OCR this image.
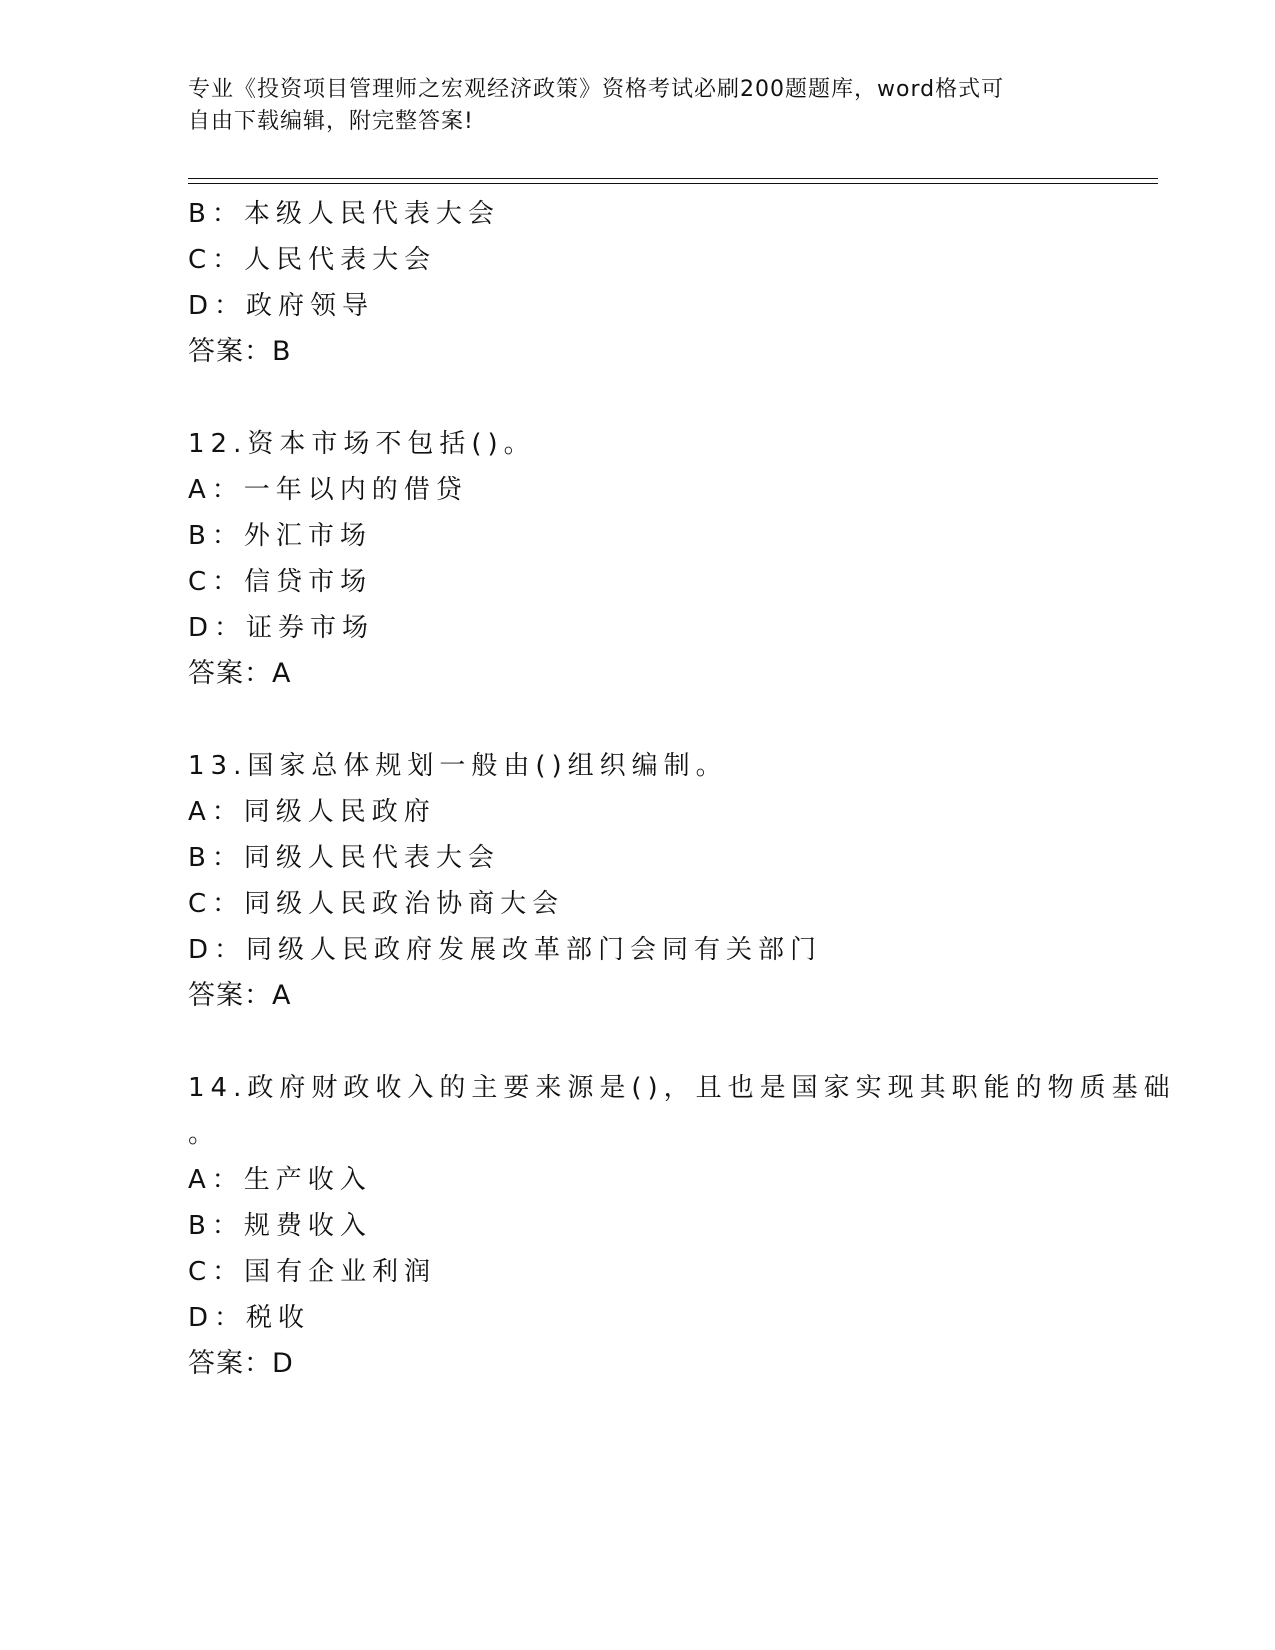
专业《投资项目管理师之宏观经济政策》资格考试必刷200题题库，word格式可
自由下载编辑，附完整答案!
B：本级人民代表大会
C：人民代表大会
D：政府领导
答案：B
12.资本市场不包括()。
A：一年以内的借贷
B：外汇市场
C：信贷市场
D：证券市场
答案：A
13.国家总体规划一般由()组织编制。
A：同级人民政府
B：同级人民代表大会
C：同级人民政治协商大会
D：同级人民政府发展改革部门会同有关部门
答案：A
14.政府财政收入的主要来源是()，且也是国家实现其职能的物质基础
。
A：生产收入
B：规费收入
C：国有企业利润
D：税收
答案：D
